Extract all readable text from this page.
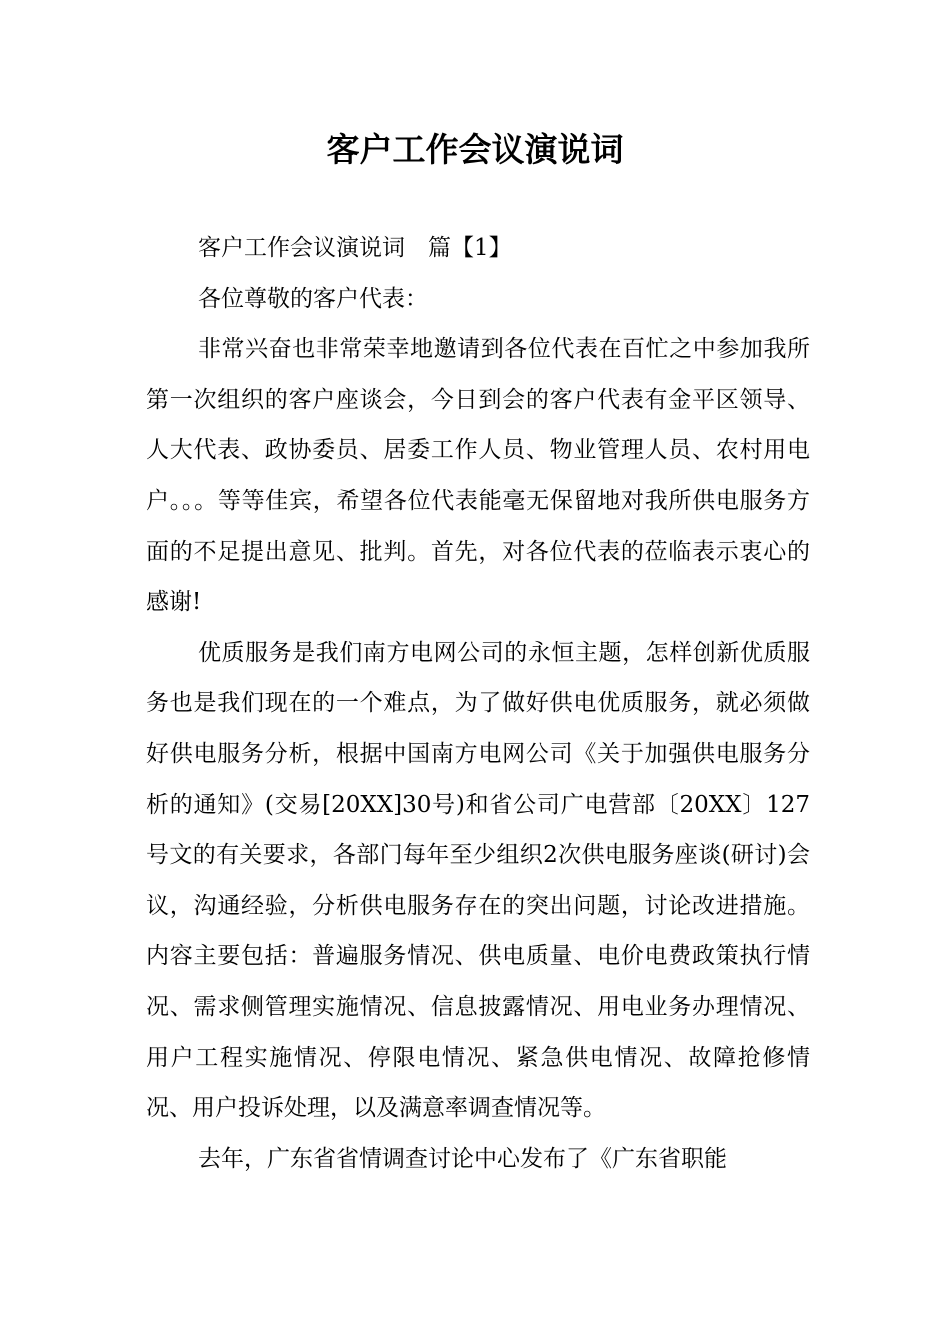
客户工作会议演说词

客户工作会议演说词　篇【1】

各位尊敬的客户代表：

非常兴奋也非常荣幸地邀请到各位代表在百忙之中参加我所第一次组织的客户座谈会，今日到会的客户代表有金平区领导、人大代表、政协委员、居委工作人员、物业管理人员、农村用电户。。。等等佳宾，希望各位代表能毫无保留地对我所供电服务方面的不足提出意见、批判。首先，对各位代表的莅临表示衷心的感谢!

优质服务是我们南方电网公司的永恒主题，怎样创新优质服务也是我们现在的一个难点，为了做好供电优质服务，就必须做好供电服务分析，根据中国南方电网公司《关于加强供电服务分析的通知》(交易[20XX]30号)和省公司广电营部〔20XX〕127号文的有关要求，各部门每年至少组织2次供电服务座谈(研讨)会议，沟通经验，分析供电服务存在的突出问题，讨论改进措施。内容主要包括：普遍服务情况、供电质量、电价电费政策执行情况、需求侧管理实施情况、信息披露情况、用电业务办理情况、用户工程实施情况、停限电情况、紧急供电情况、故障抢修情况、用户投诉处理，以及满意率调查情况等。

去年，广东省省情调查讨论中心发布了《广东省职能
